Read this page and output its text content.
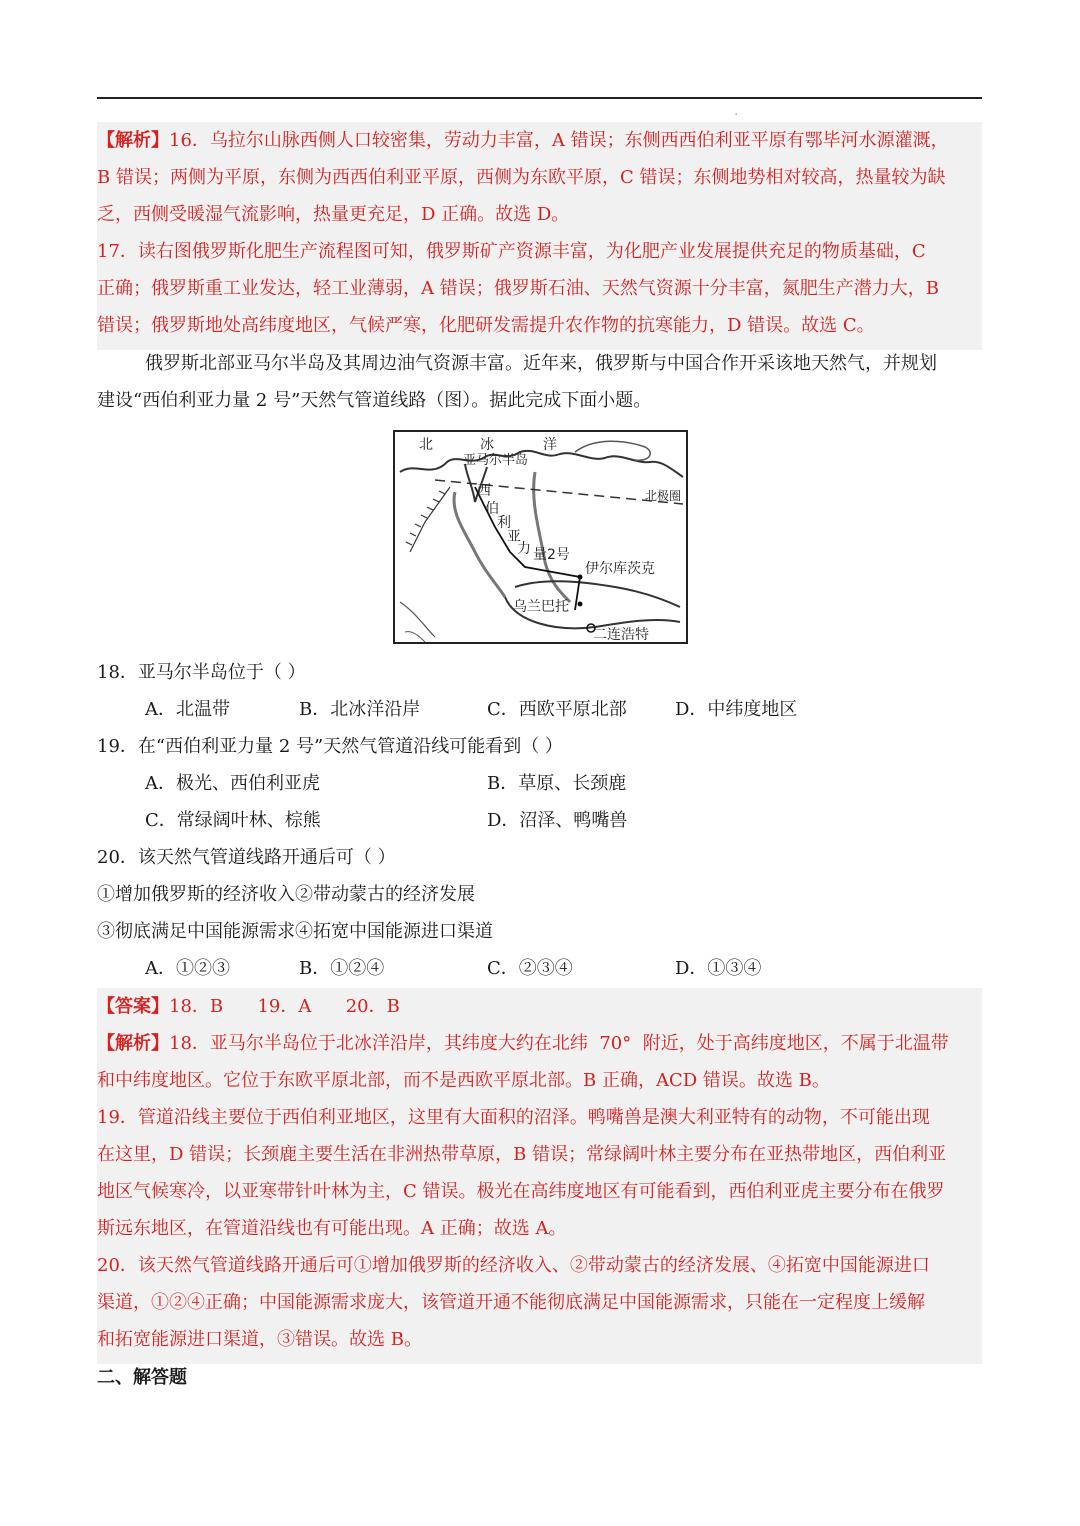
'
【解析】16．乌拉尔山脉西侧人口较密集，劳动力丰富，A 错误；东侧西西伯利亚平原有鄂毕河水源灌溉，
B 错误；两侧为平原，东侧为西西伯利亚平原，西侧为东欧平原，C 错误；东侧地势相对较高，热量较为缺
乏，西侧受暖湿气流影响，热量更充足，D 正确。故选 D。
17．读右图俄罗斯化肥生产流程图可知，俄罗斯矿产资源丰富，为化肥产业发展提供充足的物质基础，C
正确；俄罗斯重工业发达，轻工业薄弱，A 错误；俄罗斯石油、天然气资源十分丰富，氮肥生产潜力大，B
错误；俄罗斯地处高纬度地区，气候严寒，化肥研发需提升农作物的抗寒能力，D 错误。故选 C。
俄罗斯北部亚马尔半岛及其周边油气资源丰富。近年来，俄罗斯与中国合作开采该地天然气，并规划
建设“西伯利亚力量 2 号”天然气管道线路（图）。据此完成下面小题。
北	冰	洋
亚马尔半岛
北极圈
西
伯
利
亚
力 量2号
伊尔库茨克
乌兰巴托
二连浩特
18．亚马尔半岛位于（ ）
A．北温带	B．北冰洋沿岸	C．西欧平原北部	D．中纬度地区
19．在“西伯利亚力量 2 号”天然气管道沿线可能看到（ ）
A．极光、西伯利亚虎	B．草原、长颈鹿
C．常绿阔叶林、棕熊	D．沼泽、鸭嘴兽
20．该天然气管道线路开通后可（ ）
①增加俄罗斯的经济收入②带动蒙古的经济发展
③彻底满足中国能源需求④拓宽中国能源进口渠道
A．①②③	B．①②④	C．②③④	D．①③④
【答案】18．B      19．A      20．B
【解析】18．亚马尔半岛位于北冰洋沿岸，其纬度大约在北纬  70°  附近，处于高纬度地区，不属于北温带
和中纬度地区。它位于东欧平原北部，而不是西欧平原北部。B 正确，ACD 错误。故选 B。
19．管道沿线主要位于西伯利亚地区，这里有大面积的沼泽。鸭嘴兽是澳大利亚特有的动物，不可能出现
在这里，D 错误；长颈鹿主要生活在非洲热带草原，B 错误；常绿阔叶林主要分布在亚热带地区，西伯利亚
地区气候寒冷，以亚寒带针叶林为主，C 错误。极光在高纬度地区有可能看到，西伯利亚虎主要分布在俄罗
斯远东地区，在管道沿线也有可能出现。A 正确；故选 A。
20．该天然气管道线路开通后可①增加俄罗斯的经济收入、②带动蒙古的经济发展、④拓宽中国能源进口
渠道，①②④正确；中国能源需求庞大，该管道开通不能彻底满足中国能源需求，只能在一定程度上缓解
和拓宽能源进口渠道，③错误。故选 B。
二、解答题
